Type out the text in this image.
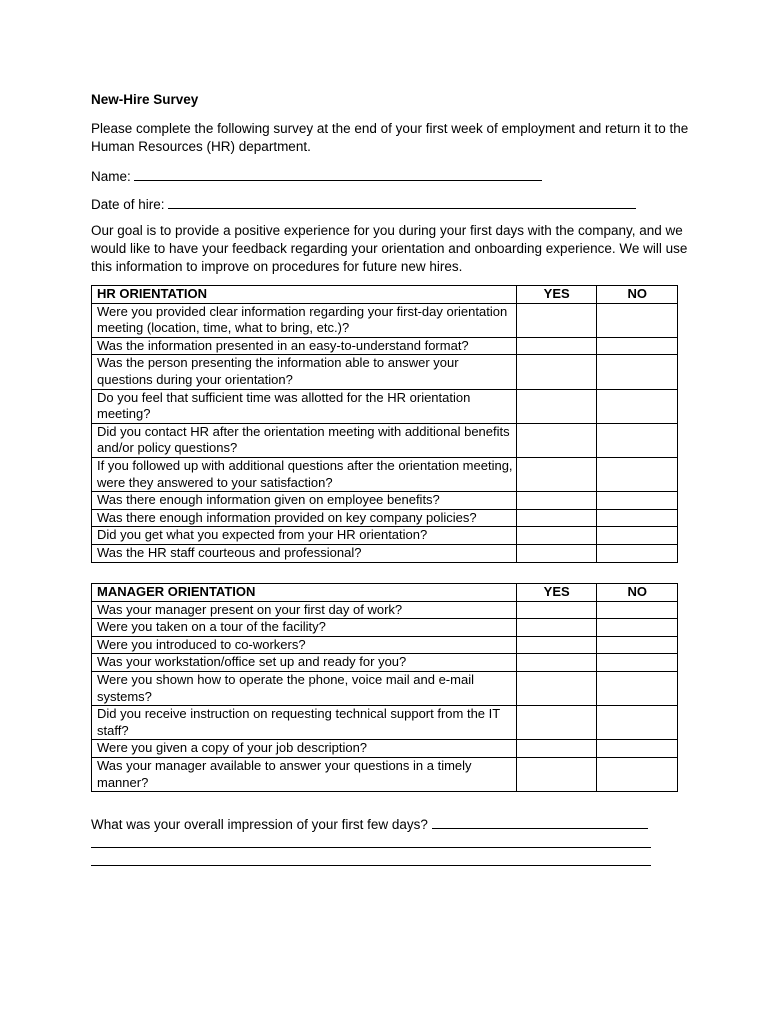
New-Hire Survey
Please complete the following survey at the end of your first week of employment and return it to the Human Resources (HR) department.
Name:
Date of hire:
Our goal is to provide a positive experience for you during your first days with the company, and we would like to have your feedback regarding your orientation and onboarding experience. We will use this information to improve on procedures for future new hires.
HR ORIENTATION	YES	NO
Were you provided clear information regarding your first-day orientation meeting (location, time, what to bring, etc.)?		
Was the information presented in an easy-to-understand format?		
Was the person presenting the information able to answer your questions during your orientation?		
Do you feel that sufficient time was allotted for the HR orientation meeting?		
Did you contact HR after the orientation meeting with additional benefits and/or policy questions?		
If you followed up with additional questions after the orientation meeting, were they answered to your satisfaction?		
Was there enough information given on employee benefits?		
Was there enough information provided on key company policies?		
Did you get what you expected from your HR orientation?		
Was the HR staff courteous and professional?		
MANAGER ORIENTATION	YES	NO
Was your manager present on your first day of work?		
Were you taken on a tour of the facility?		
Were you introduced to co-workers?		
Was your workstation/office set up and ready for you?		
Were you shown how to operate the phone, voice mail and e-mail systems?		
Did you receive instruction on requesting technical support from the IT staff?		
Were you given a copy of your job description?		
Was your manager available to answer your questions in a timely manner?		
What was your overall impression of your first few days?
